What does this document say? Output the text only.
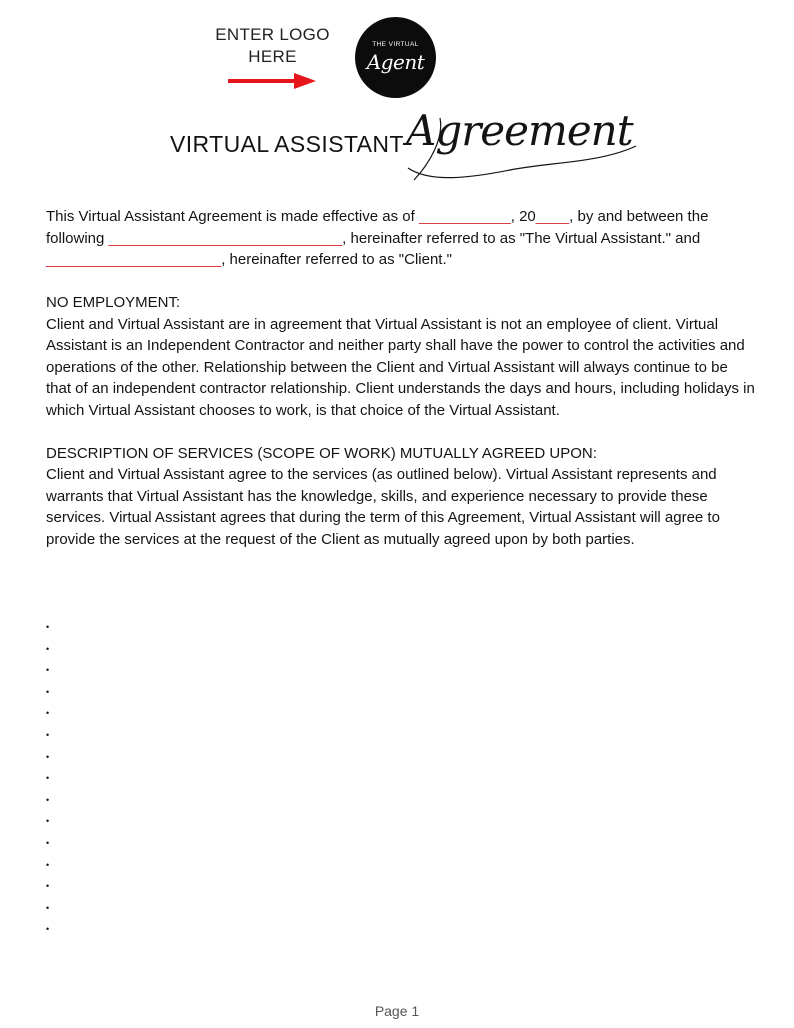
ENTER LOGO
HERE
THE VIRTUAL
Agent
VIRTUAL ASSISTANT Agreement

This Virtual Assistant Agreement is made effective as of ___________, 20____, by and between the following ____________________________, hereinafter referred to as "The Virtual Assistant." and _____________________, hereinafter referred to as "Client."

NO EMPLOYMENT:

Client and Virtual Assistant are in agreement that Virtual Assistant is not an employee of client. Virtual Assistant is an Independent Contractor and neither party shall have the power to control the activities and operations of the other. Relationship between the Client and Virtual Assistant will always continue to be that of an independent contractor relationship. Client understands the days and hours, including holidays in which Virtual Assistant chooses to work, is that choice of the Virtual Assistant.

DESCRIPTION OF SERVICES (SCOPE OF WORK) MUTUALLY AGREED UPON:

Client and Virtual Assistant agree to the services (as outlined below). Virtual Assistant represents and warrants that Virtual Assistant has the knowledge, skills, and experience necessary to provide these services. Virtual Assistant agrees that during the term of this Agreement, Virtual Assistant will agree to provide the services at the request of the Client as mutually agreed upon by both parties.

•
•
•
•
•
•
•
•
•
•
•
•
•
•
•
Page 1
